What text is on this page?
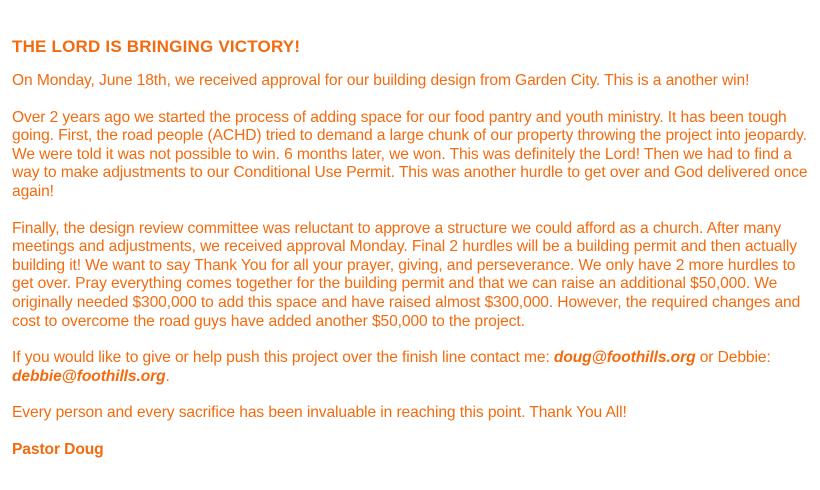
THE LORD IS BRINGING VICTORY!

On Monday, June 18th, we received approval for our building design from Garden City. This is a another win!

Over 2 years ago we started the process of adding space for our food pantry and youth ministry. It has been tough going. First, the road people (ACHD) tried to demand a large chunk of our property throwing the project into jeopardy. We were told it was not possible to win. 6 months later, we won. This was definitely the Lord! Then we had to find a way to make adjustments to our Conditional Use Permit. This was another hurdle to get over and God delivered once again!

Finally, the design review committee was reluctant to approve a structure we could afford as a church. After many meetings and adjustments, we received approval Monday. Final 2 hurdles will be a building permit and then actually building it! We want to say Thank You for all your prayer, giving, and perseverance. We only have 2 more hurdles to get over. Pray everything comes together for the building permit and that we can raise an additional $50,000. We originally needed $300,000 to add this space and have raised almost $300,000. However, the required changes and cost to overcome the road guys have added another $50,000 to the project.

If you would like to give or help push this project over the finish line contact me: doug@foothills.org or Debbie: debbie@foothills.org.

Every person and every sacrifice has been invaluable in reaching this point. Thank You All!

Pastor Doug
